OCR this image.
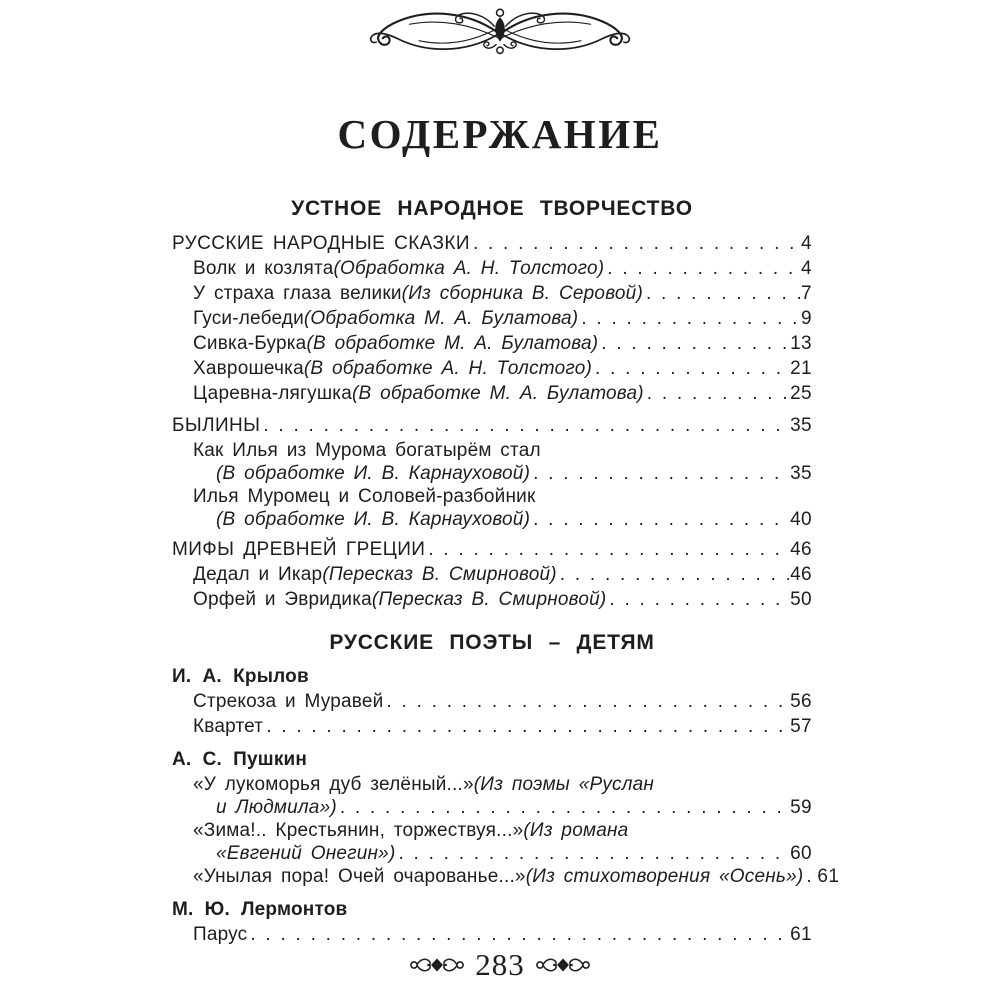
СОДЕРЖАНИЕ
УСТНОЕ НАРОДНОЕ ТВОРЧЕСТВО
РУССКИЕ НАРОДНЫЕ СКАЗКИ . . .	4
Волк и козлята (Обработка А. Н. Толстого) . . .	4
У страха глаза велики (Из сборника В. Серовой) . . .	7
Гуси-лебеди (Обработка М. А. Булатова) . . .	9
Сивка-Бурка (В обработке М. А. Булатова) . . .	13
Хаврошечка (В обработке А. Н. Толстого) . . .	21
Царевна-лягушка (В обработке М. А. Булатова) . . .	25
БЫЛИНЫ . . .	35
Как Илья из Мурома богатырём стал
(В обработке И. В. Карнауховой) . . .	35
Илья Муромец и Соловей-разбойник
(В обработке И. В. Карнауховой) . . .	40
МИФЫ ДРЕВНЕЙ ГРЕЦИИ . . .	46
Дедал и Икар (Пересказ В. Смирновой) . . .	46
Орфей и Эвридика (Пересказ В. Смирновой) . . .	50
РУССКИЕ ПОЭТЫ – ДЕТЯМ
И. А. Крылов
Стрекоза и Муравей . . .	56
Квартет . . .	57
А. С. Пушкин
«У лукоморья дуб зелёный...» (Из поэмы «Руслан
и Людмила») . . .	59
«Зима!.. Крестьянин, торжествуя...» (Из романа
«Евгений Онегин») . . .	60
«Унылая пора! Очей очарованье...» (Из стихотворения «Осень») . . . 61
М. Ю. Лермонтов
Парус . . .	61
283
